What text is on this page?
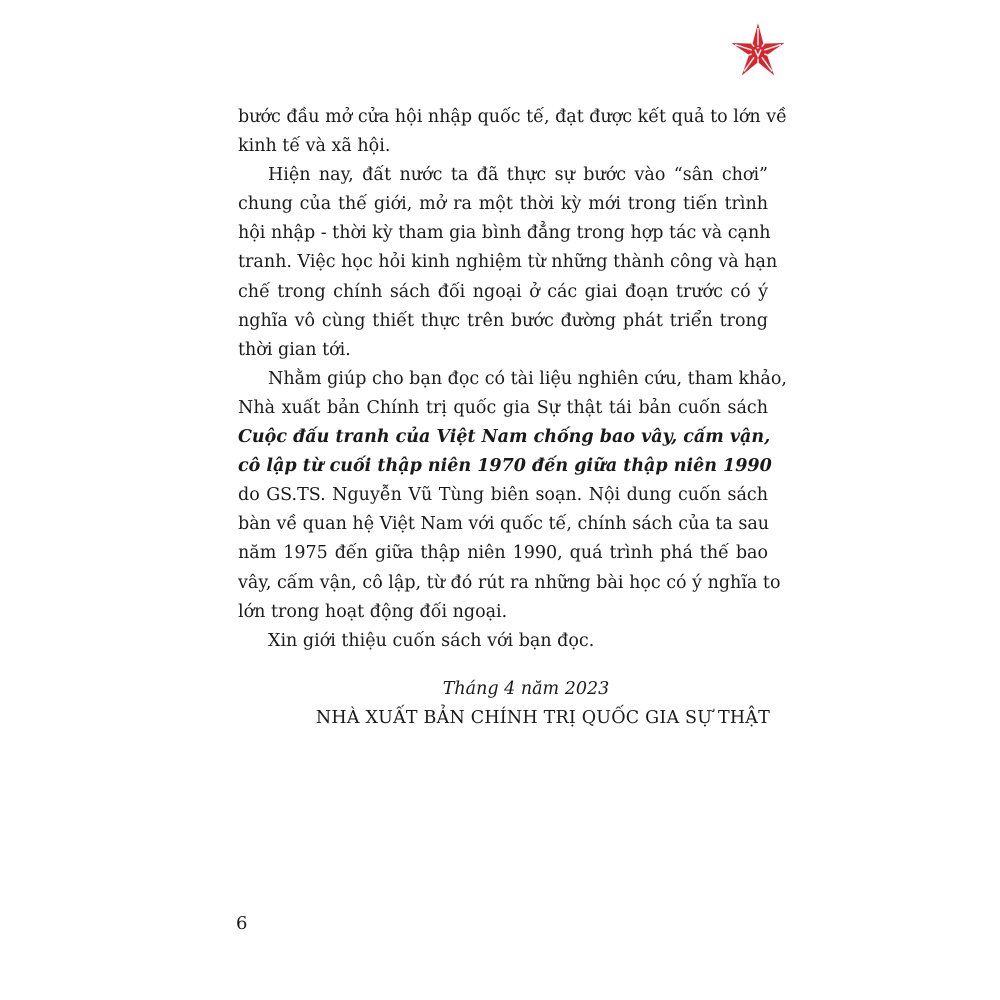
bước đầu mở cửa hội nhập quốc tế, đạt được kết quả to lớn về
kinh tế và xã hội.
Hiện nay, đất nước ta đã thực sự bước vào “sân chơi”
chung của thế giới, mở ra một thời kỳ mới trong tiến trình
hội nhập - thời kỳ tham gia bình đẳng trong hợp tác và cạnh
tranh. Việc học hỏi kinh nghiệm từ những thành công và hạn
chế trong chính sách đối ngoại ở các giai đoạn trước có ý
nghĩa vô cùng thiết thực trên bước đường phát triển trong
thời gian tới.
Nhằm giúp cho bạn đọc có tài liệu nghiên cứu, tham khảo,
Nhà xuất bản Chính trị quốc gia Sự thật tái bản cuốn sách
Cuộc đấu tranh của Việt Nam chống bao vây, cấm vận,
cô lập từ cuối thập niên 1970 đến giữa thập niên 1990
do GS.TS. Nguyễn Vũ Tùng biên soạn. Nội dung cuốn sách
bàn về quan hệ Việt Nam với quốc tế, chính sách của ta sau
năm 1975 đến giữa thập niên 1990, quá trình phá thế bao
vây, cấm vận, cô lập, từ đó rút ra những bài học có ý nghĩa to
lớn trong hoạt động đối ngoại.
Xin giới thiệu cuốn sách với bạn đọc.
Tháng 4 năm 2023
NHÀ XUẤT BẢN CHÍNH TRỊ QUỐC GIA SỰ THẬT
6
